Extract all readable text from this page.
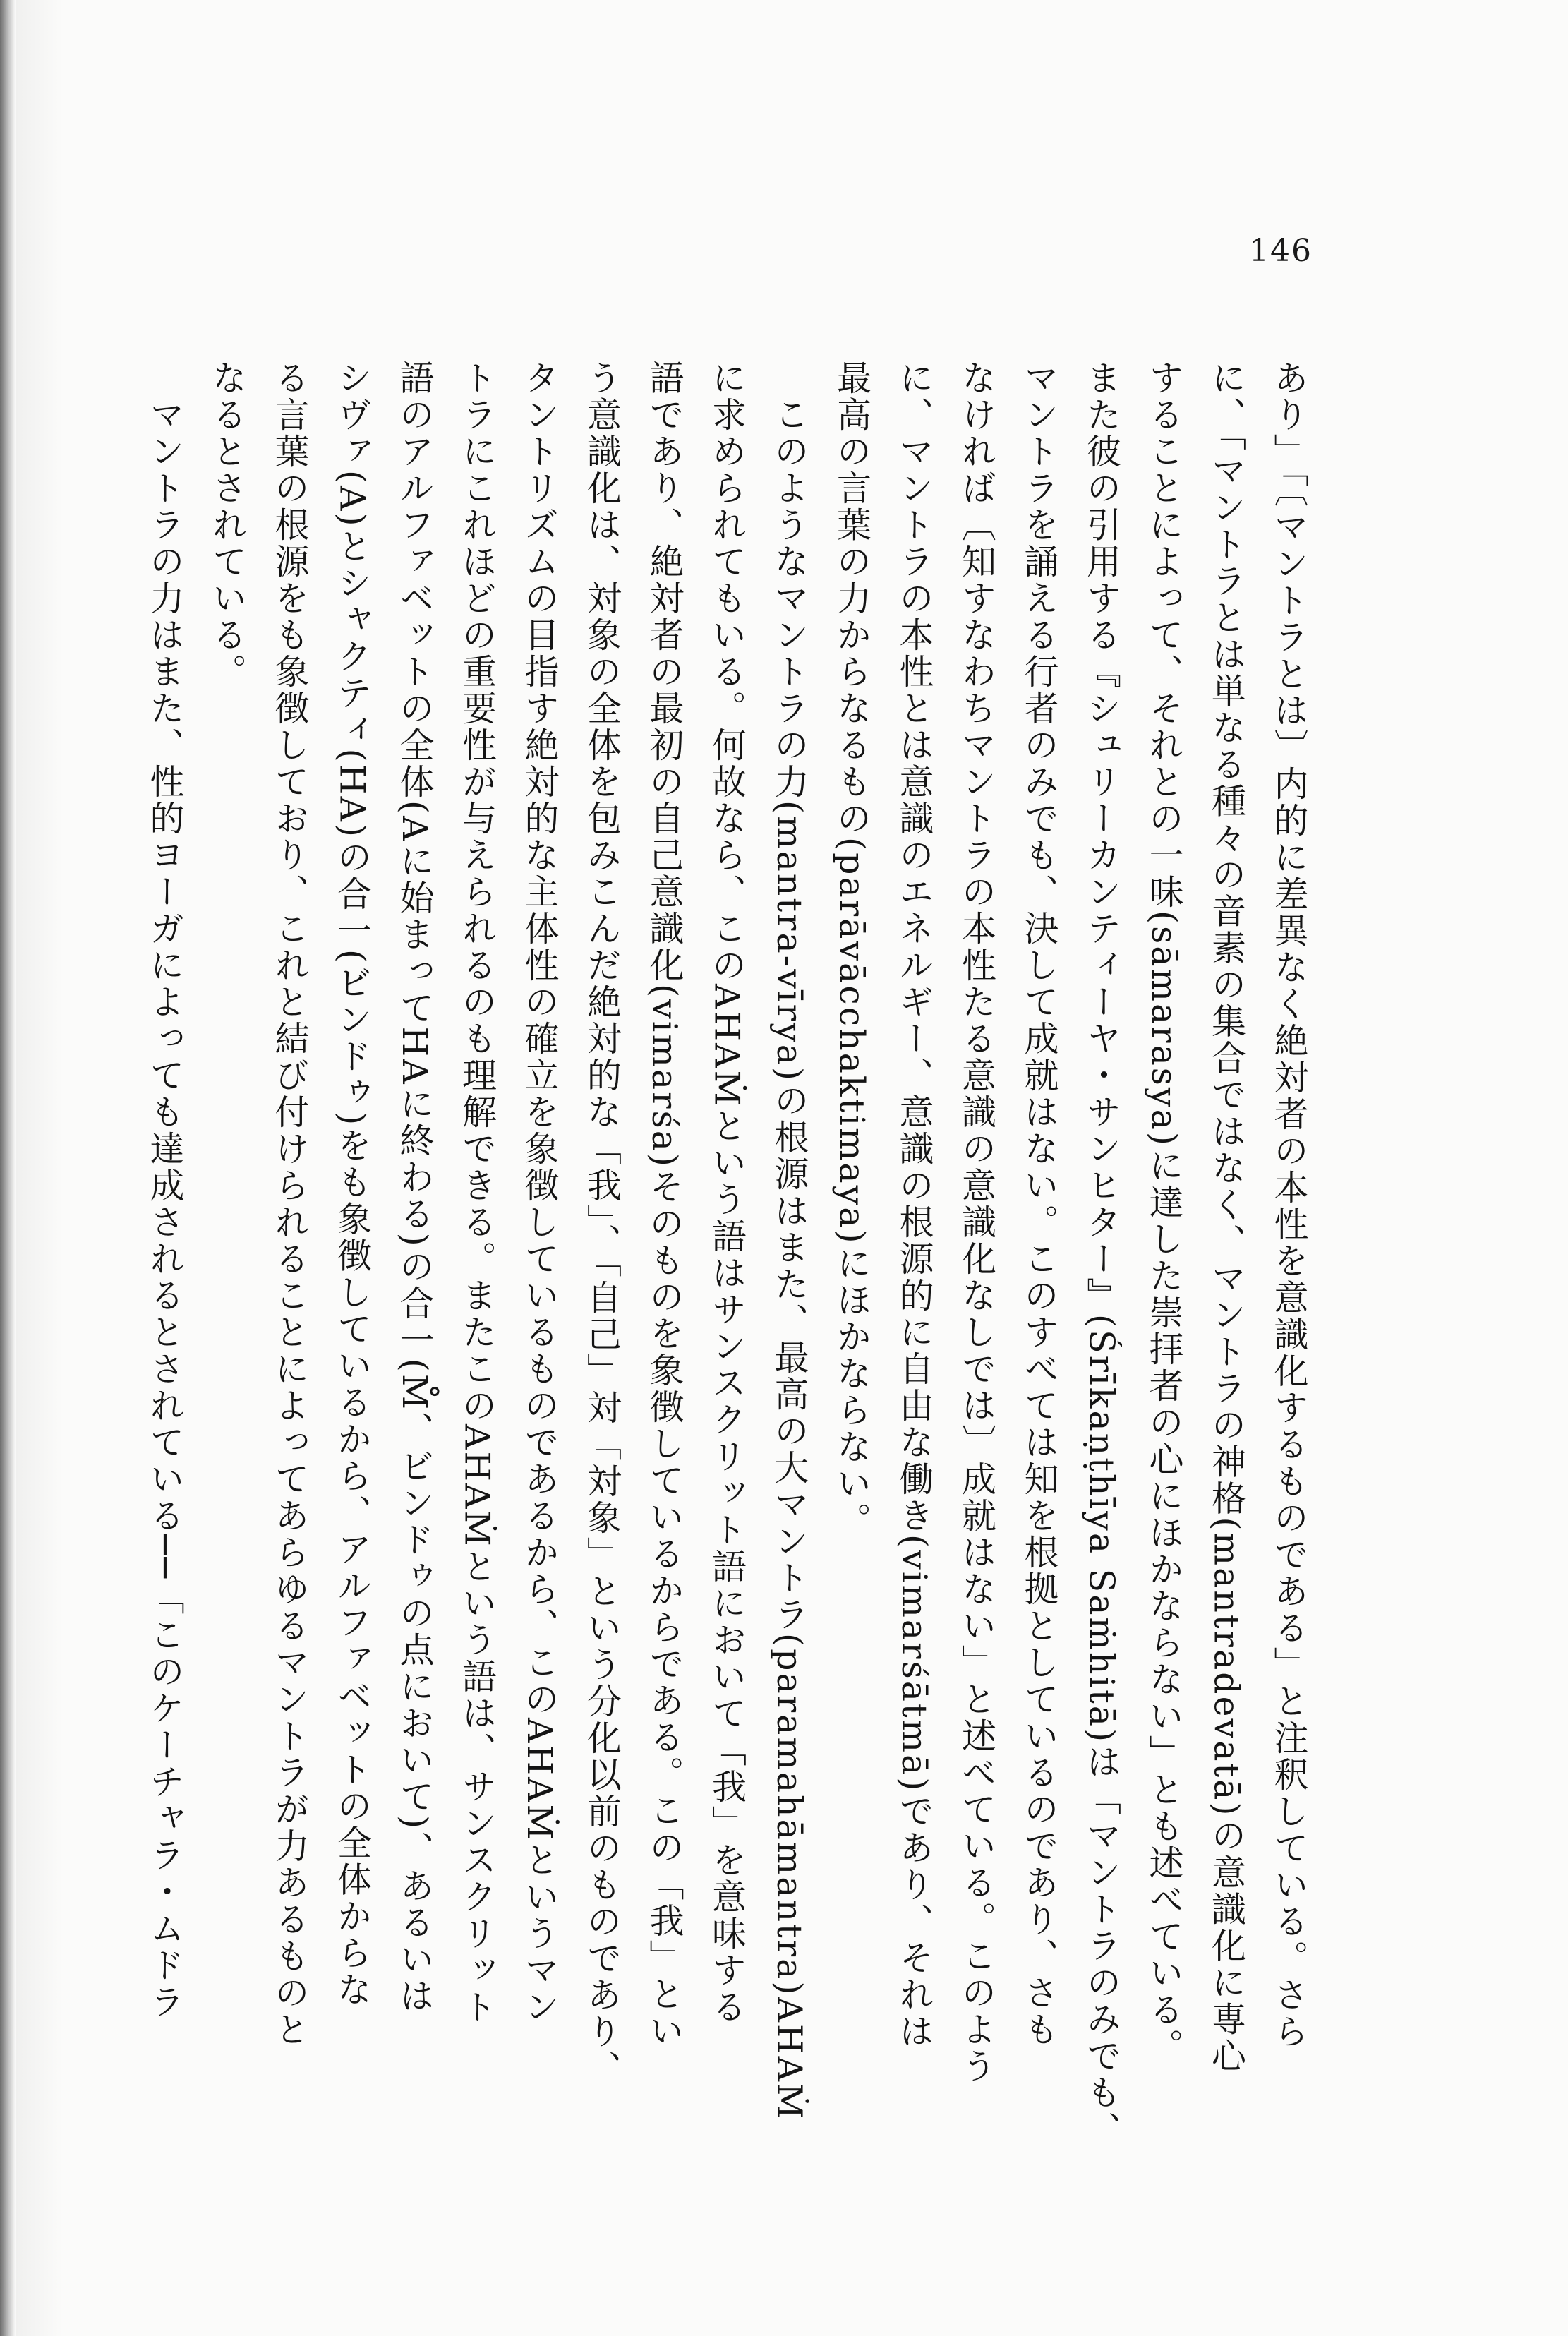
146
あり」「〔マントラとは〕内的に差異なく絶対者の本性を意識化するものである」と注釈している。さら
に、「マントラとは単なる種々の音素の集合ではなく、マントラの神格(mantradevatā)の意識化に専心
することによって、それとの一味(sāmarasya)に達した崇拝者の心にほかならない」とも述べている。
また彼の引用する『シュリーカンティーヤ・サンヒター』(Śrīkaṇṭhīya Saṁhitā)は「マントラのみでも、
マントラを誦える行者のみでも、決して成就はない。このすべては知を根拠としているのであり、さも
なければ〔知すなわちマントラの本性たる意識の意識化なしでは〕成就はない」と述べている。このよう
に、マントラの本性とは意識のエネルギー、意識の根源的に自由な働き(vimarśātmā)であり、それは
最高の言葉の力からなるもの(parāvācchaktimaya)にほかならない。
　このようなマントラの力(mantra-vīrya)の根源はまた、最高の大マントラ(paramahāmantra)AHAṀ
に求められてもいる。何故なら、このAHAṀという語はサンスクリット語において「我」を意味する
語であり、絶対者の最初の自己意識化(vimarśa)そのものを象徴しているからである。この「我」とい
う意識化は、対象の全体を包みこんだ絶対的な「我」、「自己」対「対象」という分化以前のものであり、
タントリズムの目指す絶対的な主体性の確立を象徴しているものであるから、このAHAṀというマン
トラにこれほどの重要性が与えられるのも理解できる。またこのAHAṀという語は、サンスクリット
語のアルファベットの全体(Aに始まってHAに終わる)の合一(M̊、ビンドゥの点において)、あるいは
シヴァ(A)とシャクティ(HA)の合一(ビンドゥ)をも象徴しているから、アルファベットの全体からな
る言葉の根源をも象徴しており、これと結び付けられることによってあらゆるマントラが力あるものと
なるとされている。
　マントラの力はまた、性的ヨーガによっても達成されるとされている──「このケーチャラ・ムドラ
